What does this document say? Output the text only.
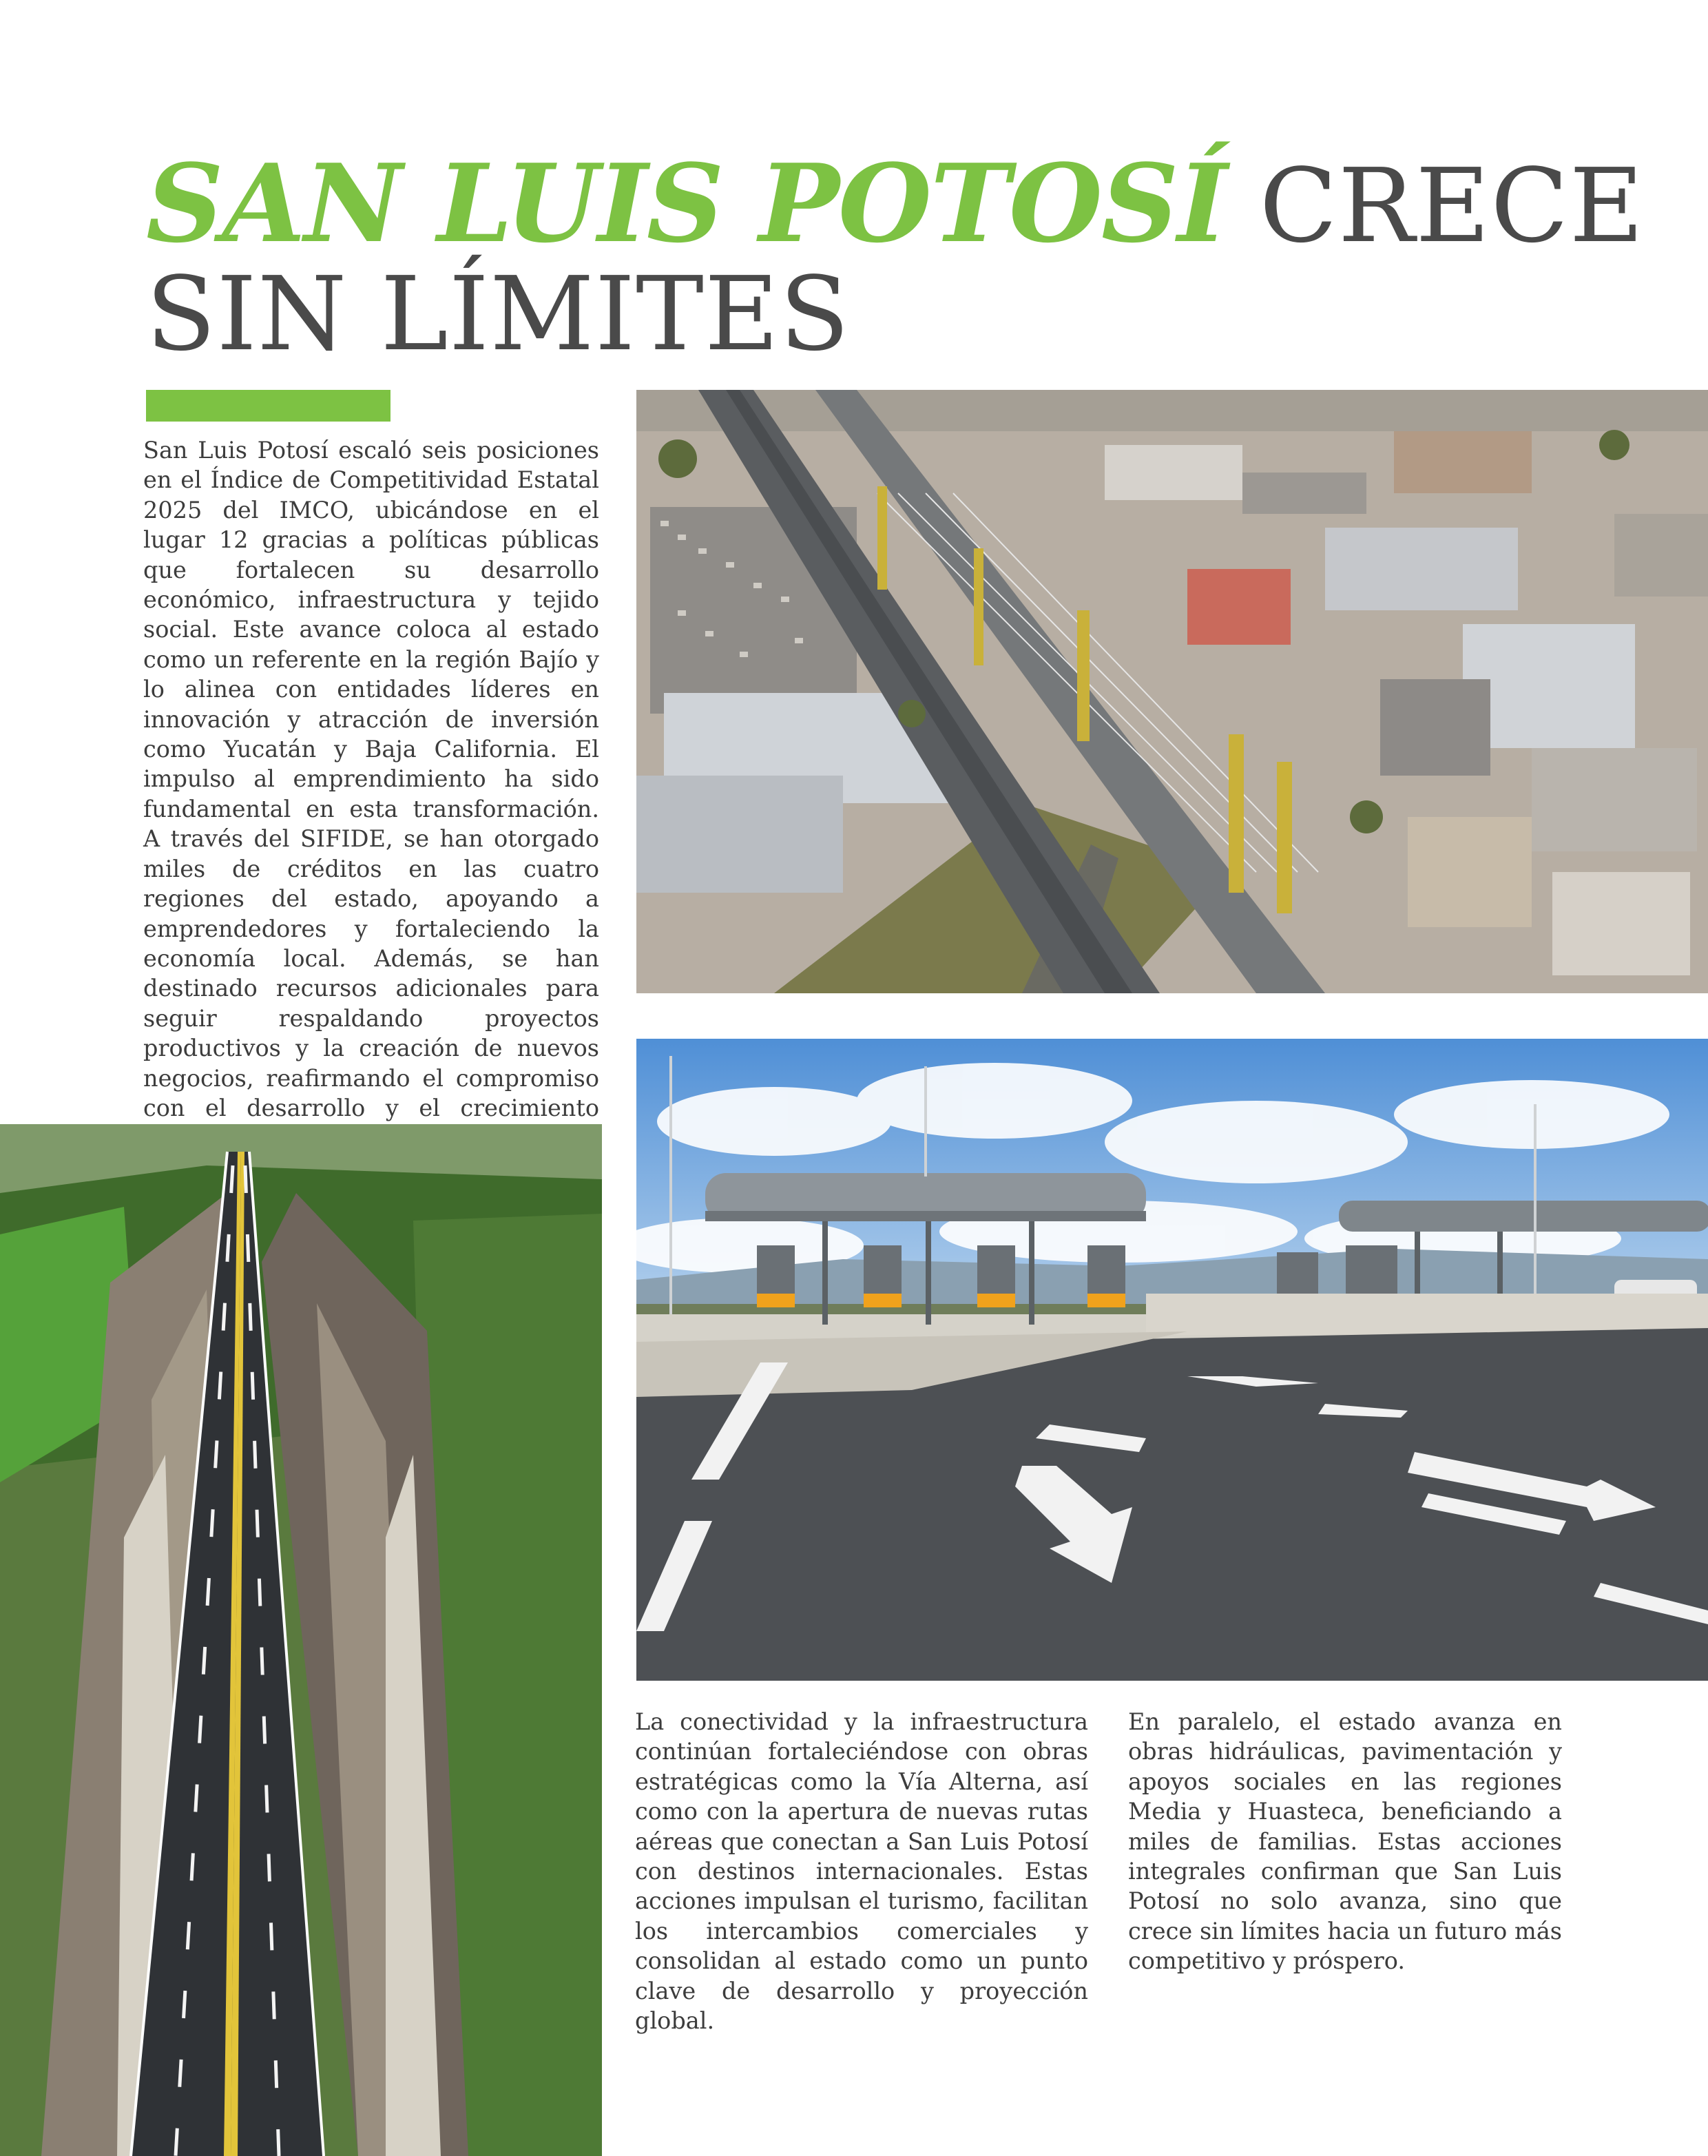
SAN LUIS POTOSÍ CRECE
SIN LÍMITES

San Luis Potosí escaló seis posiciones en el Índice de Competitividad Estatal 2025 del IMCO, ubicándose en el lugar 12 gracias a políticas públicas que fortalecen su desarrollo económico, infraestructura y tejido social. Este avance coloca al estado como un referente en la región Bajío y lo alinea con entidades líderes en innovación y atracción de inversión como Yucatán y Baja California. El impulso al emprendimiento ha sido fundamental en esta transformación. A través del SIFIDE, se han otorgado miles de créditos en las cuatro regiones del estado, apoyando a emprendedores y fortaleciendo la economía local. Además, se han destinado recursos adicionales para seguir respaldando proyectos productivos y la creación de nuevos negocios, reafirmando el compromiso con el desarrollo y el crecimiento

La conectividad y la infraestructura continúan fortaleciéndose con obras estratégicas como la Vía Alterna, así como con la apertura de nuevas rutas aéreas que conectan a San Luis Potosí con destinos internacionales. Estas acciones impulsan el turismo, facilitan los intercambios comerciales y consolidan al estado como un punto clave de desarrollo y proyección global.

En paralelo, el estado avanza en obras hidráulicas, pavimentación y apoyos sociales en las regiones Media y Huasteca, beneficiando a miles de familias. Estas acciones integrales confirman que San Luis Potosí no solo avanza, sino que crece sin límites hacia un futuro más competitivo y próspero.
